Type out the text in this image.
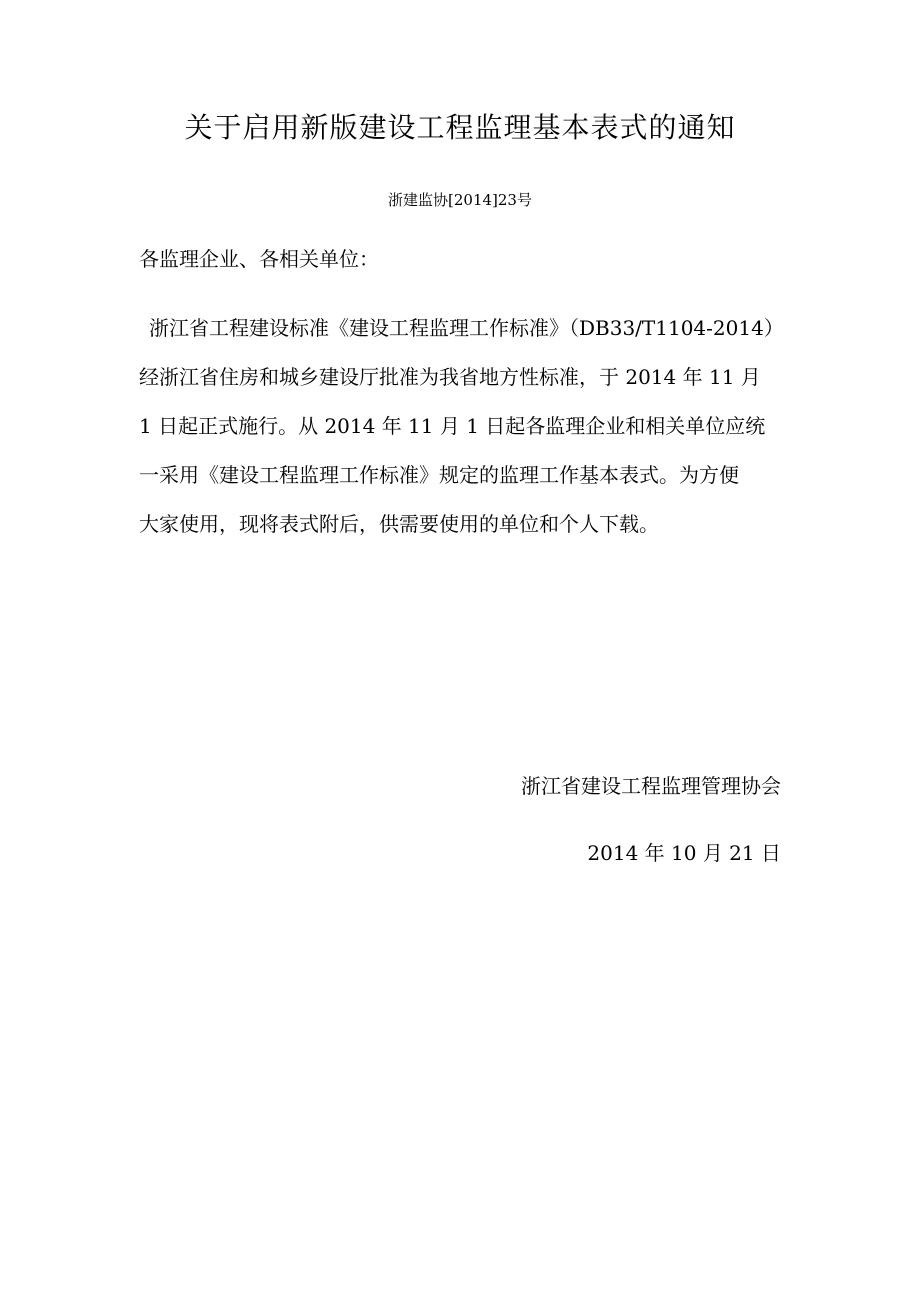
关于启用新版建设工程监理基本表式的通知
浙建监协[2014]23号
各监理企业、各相关单位：
浙江省工程建设标准《建设工程监理工作标准》（DB33/T1104-2014）
经浙江省住房和城乡建设厅批准为我省地方性标准，于 2014 年 11 月
1 日起正式施行。从 2014 年 11 月 1 日起各监理企业和相关单位应统
一采用《建设工程监理工作标准》规定的监理工作基本表式。为方便
大家使用，现将表式附后，供需要使用的单位和个人下载。
浙江省建设工程监理管理协会
2014 年 10 月 21 日
